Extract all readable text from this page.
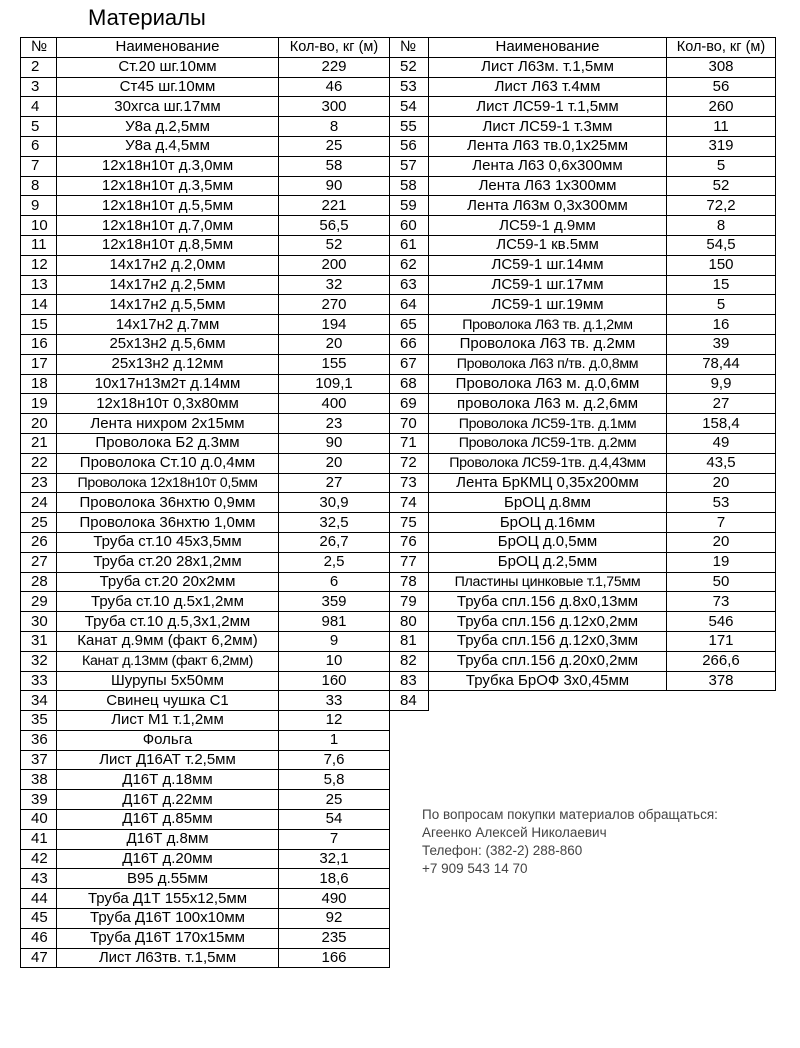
Материалы
№	Наименование	Кол-во, кг (м)
2	Ст.20 шг.10мм	229
3	Ст45 шг.10мм	46
4	30хгса шг.17мм	300
5	У8а д.2,5мм	8
6	У8а д.4,5мм	25
7	12х18н10т д.3,0мм	58
8	12х18н10т д.3,5мм	90
9	12х18н10т д.5,5мм	221
10	12х18н10т д.7,0мм	56,5
11	12х18н10т д.8,5мм	52
12	14х17н2 д.2,0мм	200
13	14х17н2 д.2,5мм	32
14	14х17н2 д.5,5мм	270
15	14х17н2 д.7мм	194
16	25х13н2 д.5,6мм	20
17	25х13н2 д.12мм	155
18	10х17н13м2т д.14мм	109,1
19	12х18н10т 0,3х80мм	400
20	Лента нихром 2х15мм	23
21	Проволока Б2 д.3мм	90
22	Проволока Ст.10 д.0,4мм	20
23	Проволока 12х18н10т 0,5мм	27
24	Проволока 36нхтю 0,9мм	30,9
25	Проволока 36нхтю 1,0мм	32,5
26	Труба ст.10 45х3,5мм	26,7
27	Труба ст.20 28х1,2мм	2,5
28	Труба ст.20 20х2мм	6
29	Труба ст.10 д.5х1,2мм	359
30	Труба ст.10 д.5,3х1,2мм	981
31	Канат д.9мм (факт 6,2мм)	9
32	Канат д.13мм (факт 6,2мм)	10
33	Шурупы 5х50мм	160
34	Свинец чушка С1	33
35	Лист М1 т.1,2мм	12
36	Фольга	1
37	Лист Д16АТ т.2,5мм	7,6
38	Д16Т д.18мм	5,8
39	Д16Т д.22мм	25
40	Д16Т д.85мм	54
41	Д16Т д.8мм	7
42	Д16Т д.20мм	32,1
43	В95 д.55мм	18,6
44	Труба Д1Т 155х12,5мм	490
45	Труба Д16Т 100х10мм	92
46	Труба Д16Т 170х15мм	235
47	Лист Л63тв. т.1,5мм	166
№	Наименование	Кол-во, кг (м)
52	Лист Л63м. т.1,5мм	308
53	Лист Л63 т.4мм	56
54	Лист ЛС59-1 т.1,5мм	260
55	Лист ЛС59-1 т.3мм	11
56	Лента Л63 тв.0,1х25мм	319
57	Лента Л63 0,6х300мм	5
58	Лента Л63 1х300мм	52
59	Лента Л63м 0,3х300мм	72,2
60	ЛС59-1 д.9мм	8
61	ЛС59-1 кв.5мм	54,5
62	ЛС59-1 шг.14мм	150
63	ЛС59-1 шг.17мм	15
64	ЛС59-1 шг.19мм	5
65	Проволока Л63 тв. д.1,2мм	16
66	Проволока Л63 тв. д.2мм	39
67	Проволока Л63 п/тв. д.0,8мм	78,44
68	Проволока Л63 м. д.0,6мм	9,9
69	проволока Л63 м. д.2,6мм	27
70	Проволока ЛС59-1тв. д.1мм	158,4
71	Проволока ЛС59-1тв. д.2мм	49
72	Проволока ЛС59-1тв. д.4,43мм	43,5
73	Лента БрКМЦ 0,35х200мм	20
74	БрОЦ д.8мм	53
75	БрОЦ д.16мм	7
76	БрОЦ д.0,5мм	20
77	БрОЦ д.2,5мм	19
78	Пластины цинковые т.1,75мм	50
79	Труба спл.156 д.8х0,13мм	73
80	Труба спл.156 д.12х0,2мм	546
81	Труба спл.156 д.12х0,3мм	171
82	Труба спл.156 д.20х0,2мм	266,6
83	Трубка БрОФ 3х0,45мм	378
84		
По вопросам покупки материалов обращаться:
Агеенко Алексей Николаевич
Телефон: (382-2) 288-860
+7 909 543 14 70
